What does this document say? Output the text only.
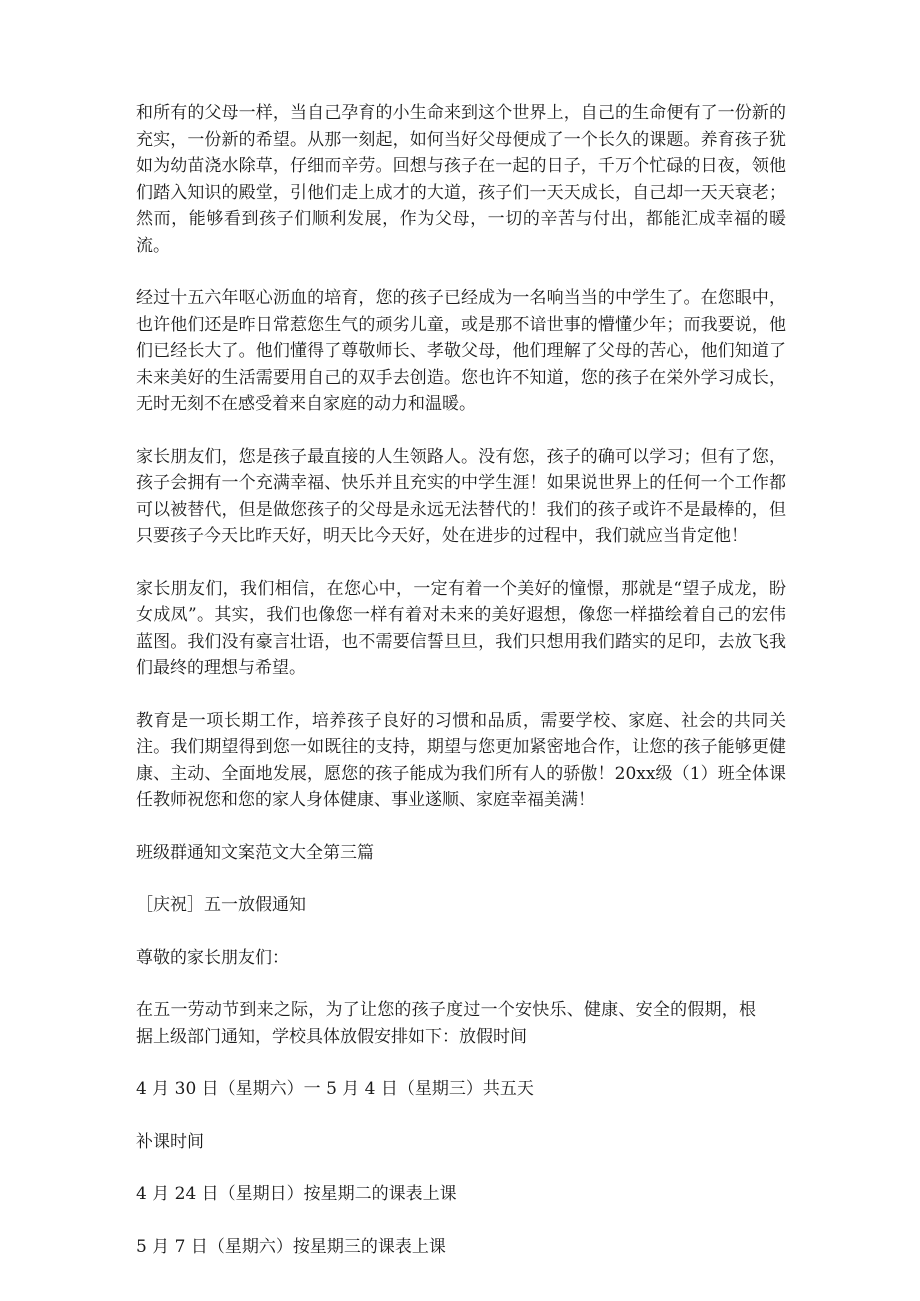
和所有的父母一样，当自己孕育的小生命来到这个世界上，自己的生命便有了一份新的充实，一份新的希望。从那一刻起，如何当好父母便成了一个长久的课题。养育孩子犹如为幼苗浇水除草，仔细而辛劳。回想与孩子在一起的日子，千万个忙碌的日夜，领他们踏入知识的殿堂，引他们走上成才的大道，孩子们一天天成长，自己却一天天衰老；然而，能够看到孩子们顺利发展，作为父母，一切的辛苦与付出，都能汇成幸福的暖流。

经过十五六年呕心沥血的培育，您的孩子已经成为一名响当当的中学生了。在您眼中，也许他们还是昨日常惹您生气的顽劣儿童，或是那不谙世事的懵懂少年；而我要说，他们已经长大了。他们懂得了尊敬师长、孝敬父母，他们理解了父母的苦心，他们知道了未来美好的生活需要用自己的双手去创造。您也许不知道，您的孩子在栄外学习成长，无时无刻不在感受着来自家庭的动力和温暖。

家长朋友们，您是孩子最直接的人生领路人。没有您，孩子的确可以学习；但有了您，孩子会拥有一个充满幸福、快乐并且充实的中学生涯！如果说世界上的任何一个工作都可以被替代，但是做您孩子的父母是永远无法替代的！我们的孩子或许不是最棒的，但只要孩子今天比昨天好，明天比今天好，处在进步的过程中，我们就应当肯定他！

家长朋友们，我们相信，在您心中，一定有着一个美好的憧憬，那就是“望子成龙，盼女成凤”。其实，我们也像您一样有着对未来的美好遐想，像您一样描绘着自己的宏伟蓝图。我们没有豪言壮语，也不需要信誓旦旦，我们只想用我们踏实的足印，去放飞我们最终的理想与希望。

教育是一项长期工作，培养孩子良好的习惯和品质，需要学校、家庭、社会的共同关注。我们期望得到您一如既往的支持，期望与您更加紧密地合作，让您的孩子能够更健康、主动、全面地发展，愿您的孩子能成为我们所有人的骄傲！20xx级（1）班全体课任教师祝您和您的家人身体健康、事业遂顺、家庭幸福美满！

班级群通知文案范文大全第三篇

［庆祝］五一放假通知

尊敬的家长朋友们：

在五一劳动节到来之际，为了让您的孩子度过一个安快乐、健康、安全的假期，根据上级部门通知，学校具体放假安排如下：放假时间

4 月 30 日（星期六）一 5 月 4 日（星期三）共五天

补课时间

4 月 24 日（星期日）按星期二的课表上课

5 月 7 日（星期六）按星期三的课表上课
